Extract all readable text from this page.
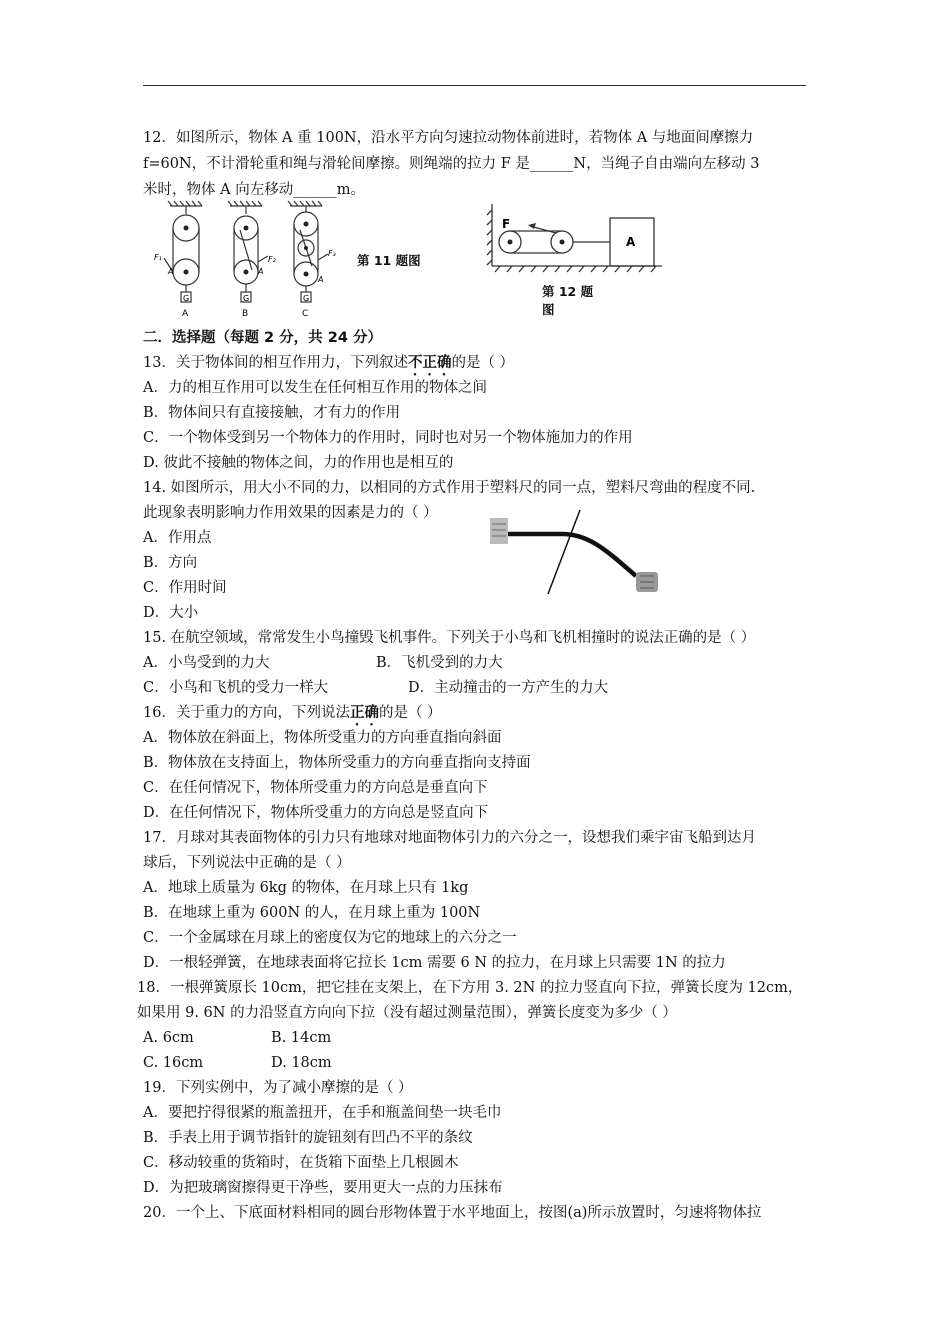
12．如图所示，物体 A 重 100N，沿水平方向匀速拉动物体前进时，若物体 A 与地面间摩擦力
f=60N，不计滑轮重和绳与滑轮间摩擦。则绳端的拉力 F 是______N，当绳子自由端向左移动 3
米时，物体 A 向左移动______m。
G	G	G
F₁	F₂
F₃
A	A
A
A	B	C
第 11 题图
F
A
第 12 题
图
二．选择题（每题 2 分，共 24 分）
13．关于物体间的相互作用力，下列叙述不正确的是（ ）
A．力的相互作用可以发生在任何相互作用的物体之间
B．物体间只有直接接触，才有力的作用
C．一个物体受到另一个物体力的作用时，同时也对另一个物体施加力的作用
D. 彼此不接触的物体之间，力的作用也是相互的
14. 如图所示，用大小不同的力，以相同的方式作用于塑料尺的同一点，塑料尺弯曲的程度不同.
此现象表明影响力作用效果的因素是力的（ ）
A．作用点
B．方向
C．作用时间
D．大小
15. 在航空领域，常常发生小鸟撞毁飞机事件。下列关于小鸟和飞机相撞时的说法正确的是（ ）
A．小鸟受到的力大	B．飞机受到的力大
C．小鸟和飞机的受力一样大	D．主动撞击的一方产生的力大
16．关于重力的方向，下列说法正确的是（ ）
A．物体放在斜面上，物体所受重力的方向垂直指向斜面
B．物体放在支持面上，物体所受重力的方向垂直指向支持面
C．在任何情况下，物体所受重力的方向总是垂直向下
D．在任何情况下，物体所受重力的方向总是竖直向下
17．月球对其表面物体的引力只有地球对地面物体引力的六分之一，设想我们乘宇宙飞船到达月
球后，下列说法中正确的是（ ）
A．地球上质量为 6kg 的物体，在月球上只有 1kg
B．在地球上重为 600N 的人，在月球上重为 100N
C．一个金属球在月球上的密度仅为它的地球上的六分之一
D．一根轻弹簧，在地球表面将它拉长 1cm 需要 6 N 的拉力，在月球上只需要 1N 的拉力
18．一根弹簧原长 10cm，把它挂在支架上，在下方用 3. 2N 的拉力竖直向下拉，弹簧长度为 12cm，
如果用 9. 6N 的力沿竖直方向向下拉（没有超过测量范围），弹簧长度变为多少（ ）
A. 6cm	B. 14cm
C. 16cm	D. 18cm
19．下列实例中，为了减小摩擦的是（ ）
A．要把拧得很紧的瓶盖扭开，在手和瓶盖间垫一块毛巾
B．手表上用于调节指针的旋钮刻有凹凸不平的条纹
C．移动较重的货箱时，在货箱下面垫上几根圆木
D．为把玻璃窗擦得更干净些，要用更大一点的力压抹布
20．一个上、下底面材料相同的圆台形物体置于水平地面上，按图(a)所示放置时，匀速将物体拉
